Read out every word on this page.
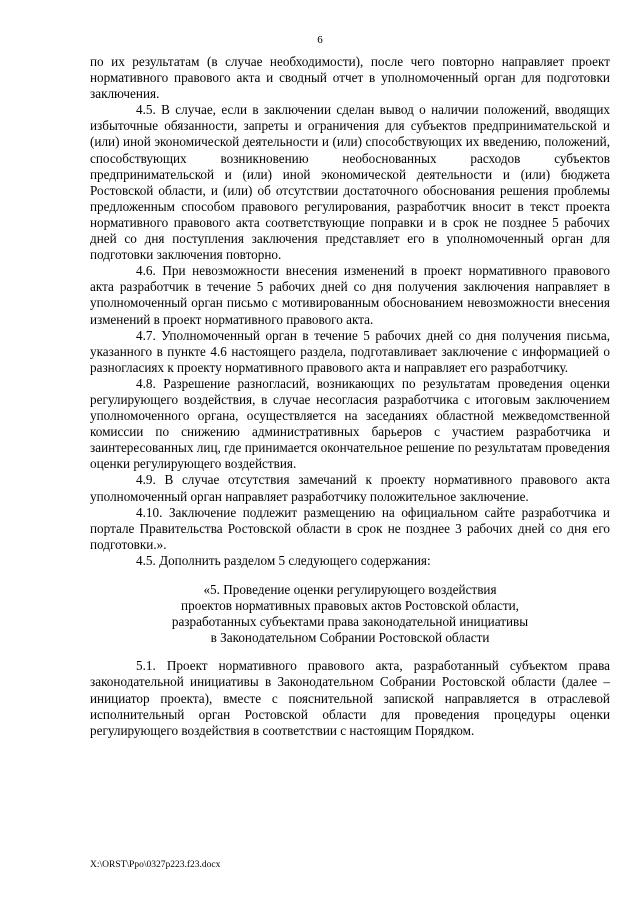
6

по их результатам (в случае необходимости), после чего повторно направляет проект нормативного правового акта и сводный отчет в уполномоченный орган для подготовки заключения.

4.5. В случае, если в заключении сделан вывод о наличии положений, вводящих избыточные обязанности, запреты и ограничения для субъектов предпринимательской и (или) иной экономической деятельности и (или) способствующих их введению, положений, способствующих возникновению необоснованных расходов субъектов предпринимательской и (или) иной экономической деятельности и (или) бюджета Ростовской области, и (или) об отсутствии достаточного обоснования решения проблемы предложенным способом правового регулирования, разработчик вносит в текст проекта нормативного правового акта соответствующие поправки и в срок не позднее 5 рабочих дней со дня поступления заключения представляет его в уполномоченный орган для подготовки заключения повторно.

4.6. При невозможности внесения изменений в проект нормативного правового акта разработчик в течение 5 рабочих дней со дня получения заключения направляет в уполномоченный орган письмо с мотивированным обоснованием невозможности внесения изменений в проект нормативного правового акта.

4.7. Уполномоченный орган в течение 5 рабочих дней со дня получения письма, указанного в пункте 4.6 настоящего раздела, подготавливает заключение с информацией о разногласиях к проекту нормативного правового акта и направляет его разработчику.

4.8. Разрешение разногласий, возникающих по результатам проведения оценки регулирующего воздействия, в случае несогласия разработчика с итоговым заключением уполномоченного органа, осуществляется на заседаниях областной межведомственной комиссии по снижению административных барьеров с участием разработчика и заинтересованных лиц, где принимается окончательное решение по результатам проведения оценки регулирующего воздействия.

4.9. В случае отсутствия замечаний к проекту нормативного правового акта уполномоченный орган направляет разработчику положительное заключение.

4.10. Заключение подлежит размещению на официальном сайте разработчика и портале Правительства Ростовской области в срок не позднее 3 рабочих дней со дня его подготовки.».

4.5. Дополнить разделом 5 следующего содержания:

«5. Проведение оценки регулирующего воздействия
проектов нормативных правовых актов Ростовской области,
разработанных субъектами права законодательной инициативы
в Законодательном Собрании Ростовской области

5.1. Проект нормативного правового акта, разработанный субъектом права законодательной инициативы в Законодательном Собрании Ростовской области (далее – инициатор проекта), вместе с пояснительной запиской направляется в отраслевой исполнительный орган Ростовской области для проведения процедуры оценки регулирующего воздействия в соответствии с настоящим Порядком.

X:\ORST\Ppo\0327p223.f23.docx
